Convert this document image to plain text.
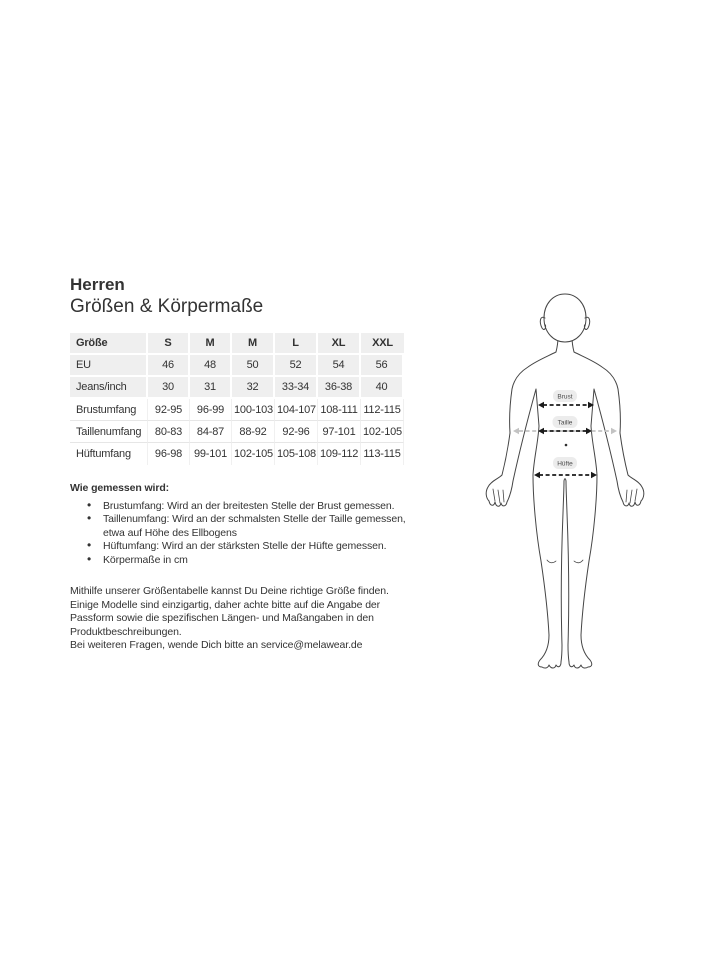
Herren
Größen & Körpermaße
Größe	S	M	M	L	XL	XXL
EU	46	48	50	52	54	56
Jeans/inch	30	31	32	33-34	36-38	40
Brustumfang	92-95	96-99	100-103	104-107	108-111	112-115
Taillenumfang	80-83	84-87	88-92	92-96	97-101	102-105
Hüftumfang	96-98	99-101	102-105	105-108	109-112	113-115
Wie gemessen wird:
• Brustumfang: Wird an der breitesten Stelle der Brust gemessen.
• Taillenumfang: Wird an der schmalsten Stelle der Taille gemessen,
etwa auf Höhe des Ellbogens
• Hüftumfang: Wird an der stärksten Stelle der Hüfte gemessen.
• Körpermaße in cm
Mithilfe unserer Größentabelle kannst Du Deine richtige Größe finden.
Einige Modelle sind einzigartig, daher achte bitte auf die Angabe der
Passform sowie die spezifischen Längen- und Maßangaben in den
Produktbeschreibungen.
Bei weiteren Fragen, wende Dich bitte an service@melawear.de
Brust
Taille
Hüfte
